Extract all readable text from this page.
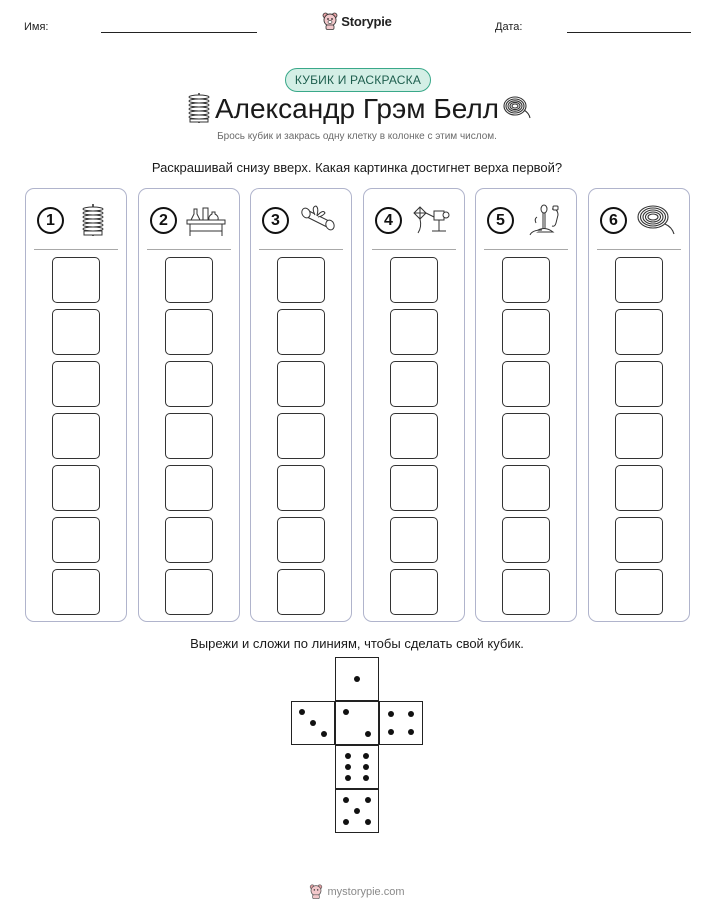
Имя:	Storypie	Дата:
КУБИК И РАСКРАСКА
Александр Грэм Белл
Брось кубик и закрась одну клетку в колонке с этим числом.
Раскрашивай снизу вверх. Какая картинка достигнет верха первой?
1	2	3	4	5	6
Вырежи и сложи по линиям, чтобы сделать свой кубик.
mystorypie.com
